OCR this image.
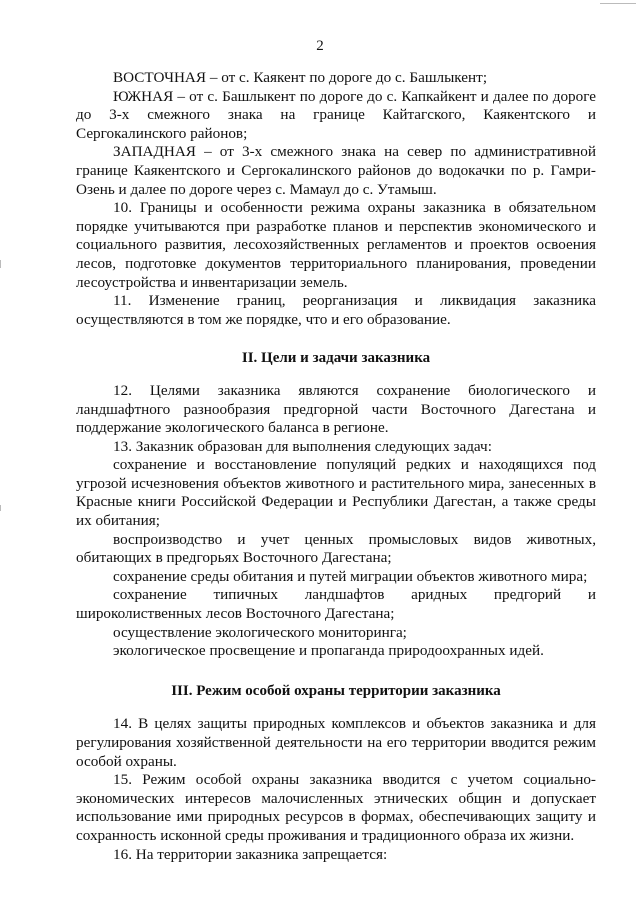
2

ВОСТОЧНАЯ – от с. Каякент по дороге до с. Башлыкент;

ЮЖНАЯ – от с. Башлыкент по дороге до с. Капкайкент и далее по дороге до 3-х смежного знака на границе Кайтагского, Каякентского и Сергокалинского районов;

ЗАПАДНАЯ – от 3-х смежного знака на север по административной границе Каякентского и Сергокалинского районов до водокачки по р. Гамри-Озень и далее по дороге через с. Мамаул до с. Утамыш.

10. Границы и особенности режима охраны заказника в обязательном порядке учитываются при разработке планов и перспектив экономического и социального развития, лесохозяйственных регламентов и проектов освоения лесов, подготовке документов территориального планирования, проведении лесоустройства и инвентаризации земель.

11. Изменение границ, реорганизация и ликвидация заказника осуществляются в том же порядке, что и его образование.

II. Цели и задачи заказника

12. Целями заказника являются сохранение биологического и ландшафтного разнообразия предгорной части Восточного Дагестана и поддержание экологического баланса в регионе.

13. Заказник образован для выполнения следующих задач:

сохранение и восстановление популяций редких и находящихся под угрозой исчезновения объектов животного и растительного мира, занесенных в Красные книги Российской Федерации и Республики Дагестан, а также среды их обитания;

воспроизводство и учет ценных промысловых видов животных, обитающих в предгорьях Восточного Дагестана;

сохранение среды обитания и путей миграции объектов животного мира;

сохранение типичных ландшафтов аридных предгорий и широколиственных лесов Восточного Дагестана;

осуществление экологического мониторинга;

экологическое просвещение и пропаганда природоохранных идей.

III. Режим особой охраны территории заказника

14. В целях защиты природных комплексов и объектов заказника и для регулирования хозяйственной деятельности на его территории вводится режим особой охраны.

15. Режим особой охраны заказника вводится с учетом социально-экономических интересов малочисленных этнических общин и допускает использование ими природных ресурсов в формах, обеспечивающих защиту и сохранность исконной среды проживания и традиционного образа их жизни.

16. На территории заказника запрещается:
